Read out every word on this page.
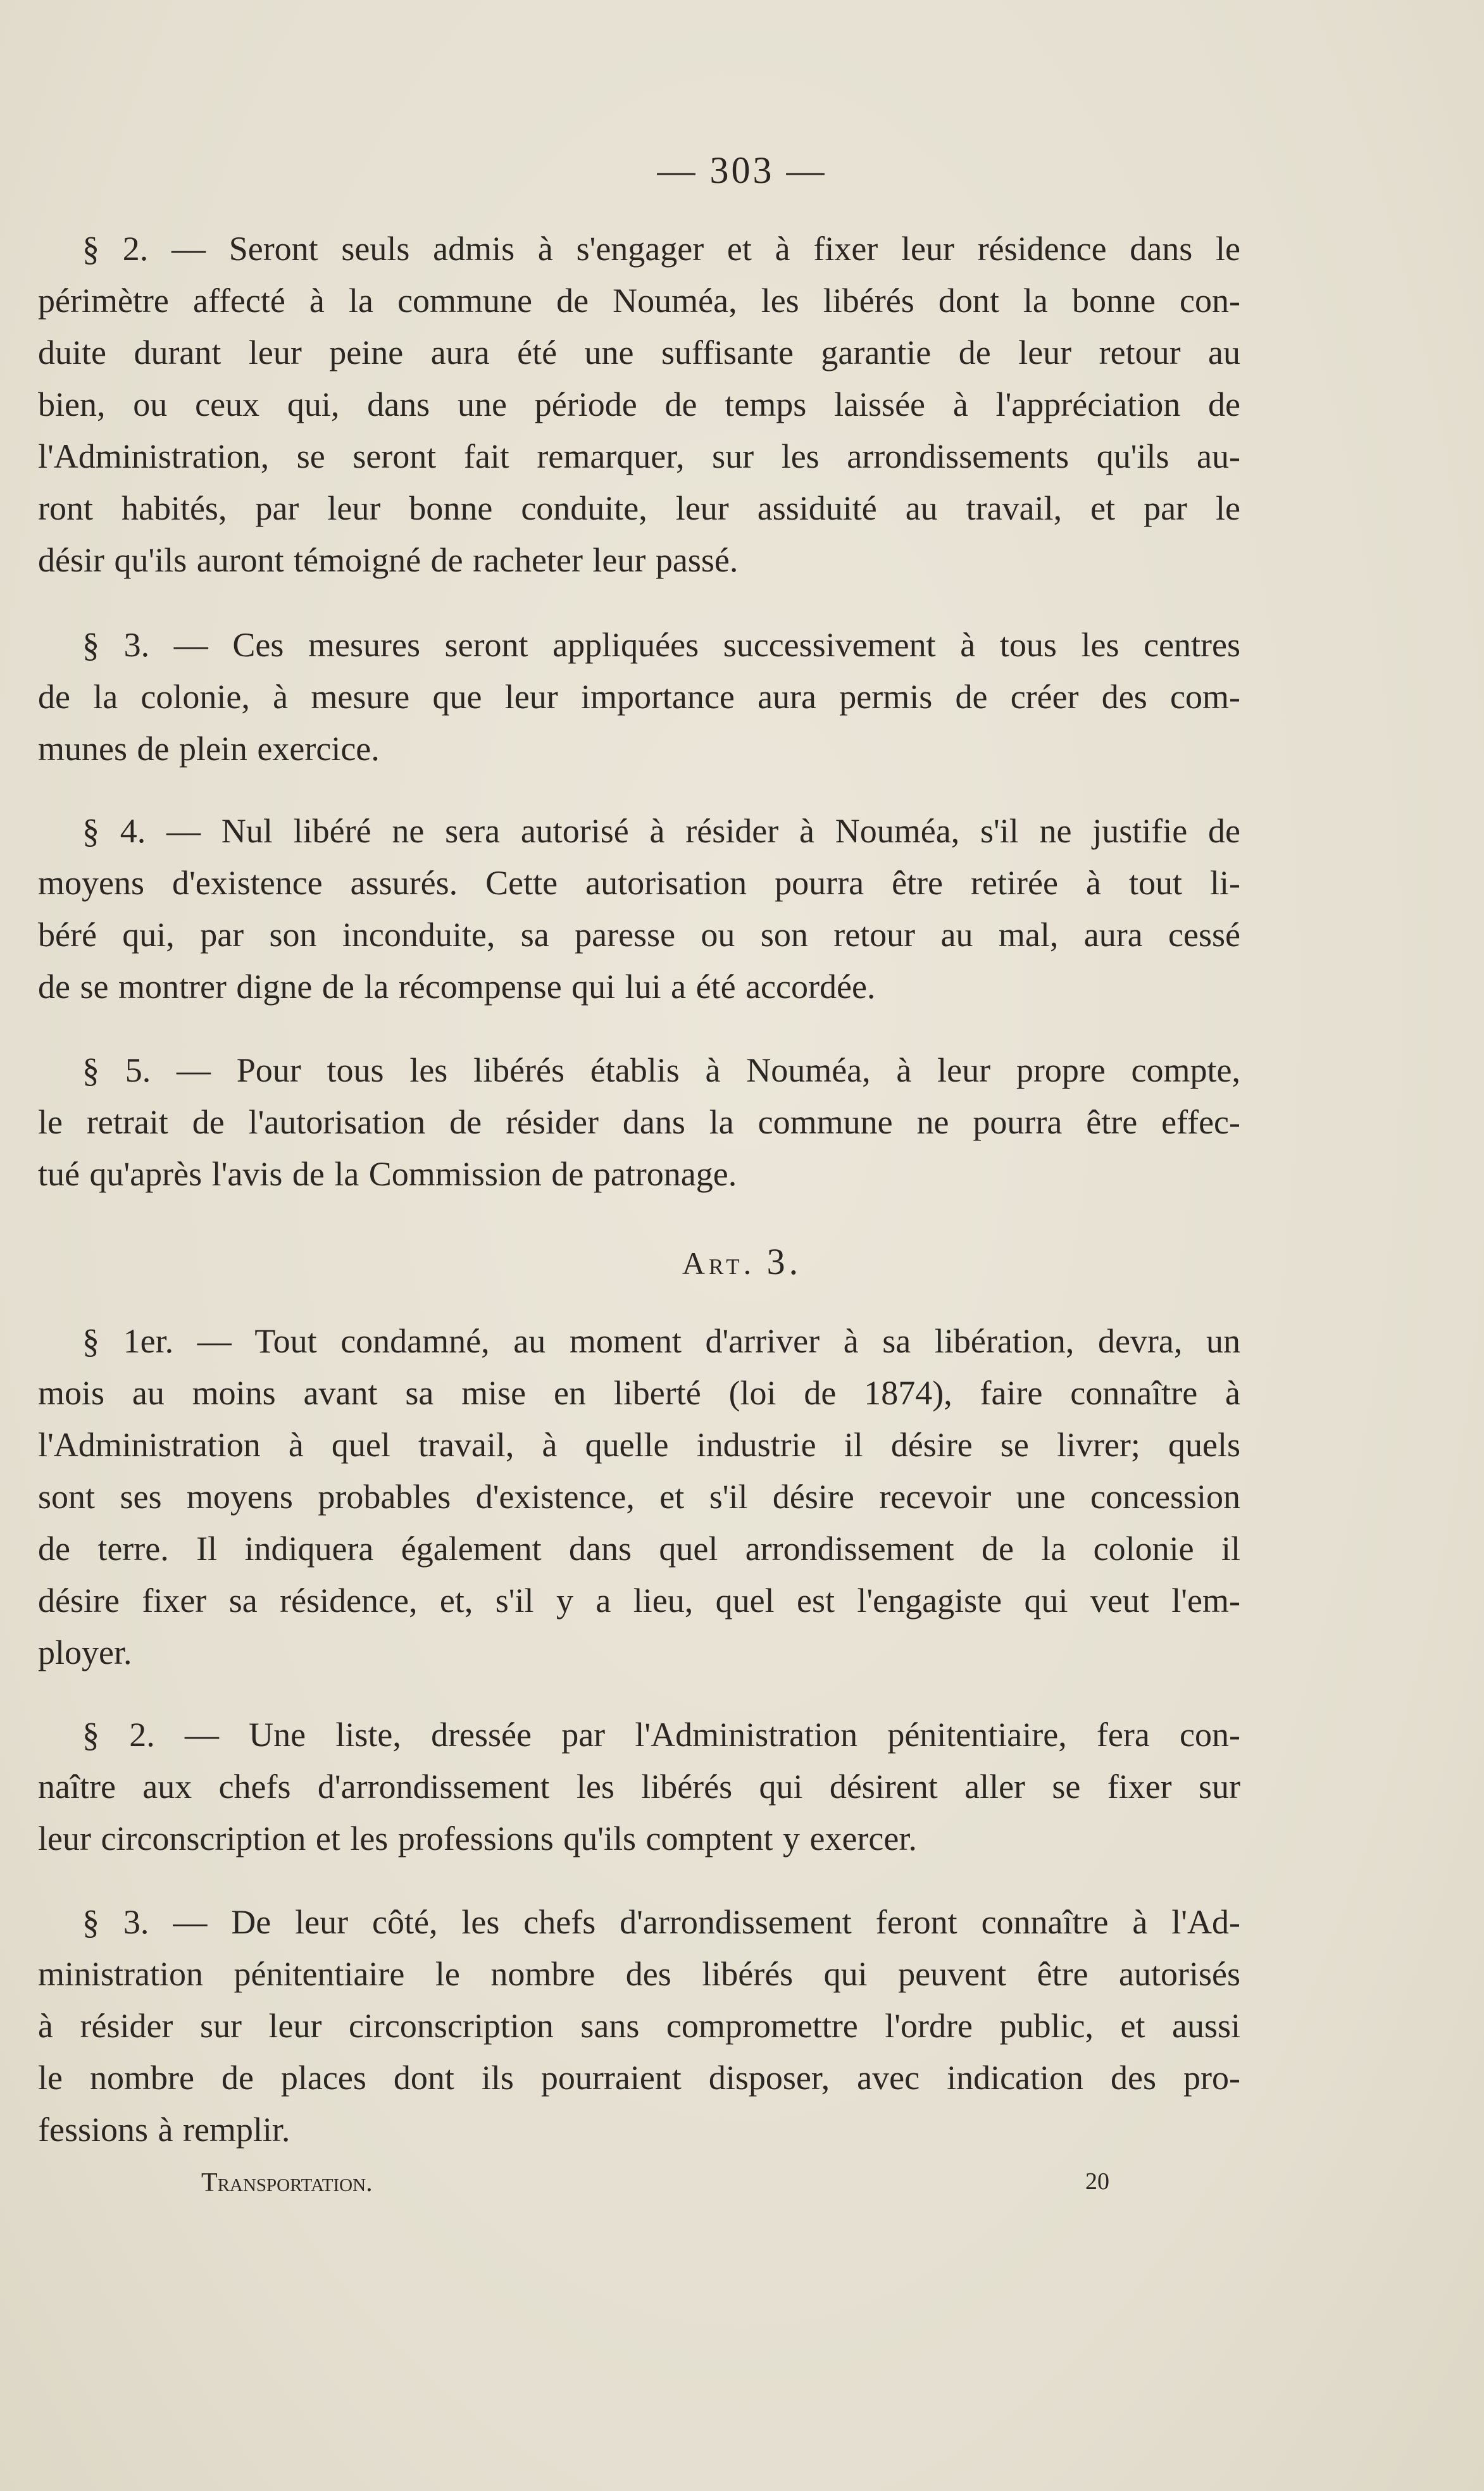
— 303 —
§ 2. — Seront seuls admis à s'engager et à fixer leur résidence dans le
périmètre affecté à la commune de Nouméa, les libérés dont la bonne con-
duite durant leur peine aura été une suffisante garantie de leur retour au
bien, ou ceux qui, dans une période de temps laissée à l'appréciation de
l'Administration, se seront fait remarquer, sur les arrondissements qu'ils au-
ront habités, par leur bonne conduite, leur assiduité au travail, et par le
désir qu'ils auront témoigné de racheter leur passé.
§ 3. — Ces mesures seront appliquées successivement à tous les centres
de la colonie, à mesure que leur importance aura permis de créer des com-
munes de plein exercice.
§ 4. — Nul libéré ne sera autorisé à résider à Nouméa, s'il ne justifie de
moyens d'existence assurés. Cette autorisation pourra être retirée à tout li-
béré qui, par son inconduite, sa paresse ou son retour au mal, aura cessé
de se montrer digne de la récompense qui lui a été accordée.
§ 5. — Pour tous les libérés établis à Nouméa, à leur propre compte,
le retrait de l'autorisation de résider dans la commune ne pourra être effec-
tué qu'après l'avis de la Commission de patronage.
Art. 3.
§ 1er. — Tout condamné, au moment d'arriver à sa libération, devra, un
mois au moins avant sa mise en liberté (loi de 1874), faire connaître à
l'Administration à quel travail, à quelle industrie il désire se livrer; quels
sont ses moyens probables d'existence, et s'il désire recevoir une concession
de terre. Il indiquera également dans quel arrondissement de la colonie il
désire fixer sa résidence, et, s'il y a lieu, quel est l'engagiste qui veut l'em-
ployer.
§ 2. — Une liste, dressée par l'Administration pénitentiaire, fera con-
naître aux chefs d'arrondissement les libérés qui désirent aller se fixer sur
leur circonscription et les professions qu'ils comptent y exercer.
§ 3. — De leur côté, les chefs d'arrondissement feront connaître à l'Ad-
ministration pénitentiaire le nombre des libérés qui peuvent être autorisés
à résider sur leur circonscription sans compromettre l'ordre public, et aussi
le nombre de places dont ils pourraient disposer, avec indication des pro-
fessions à remplir.
Transportation.	20
